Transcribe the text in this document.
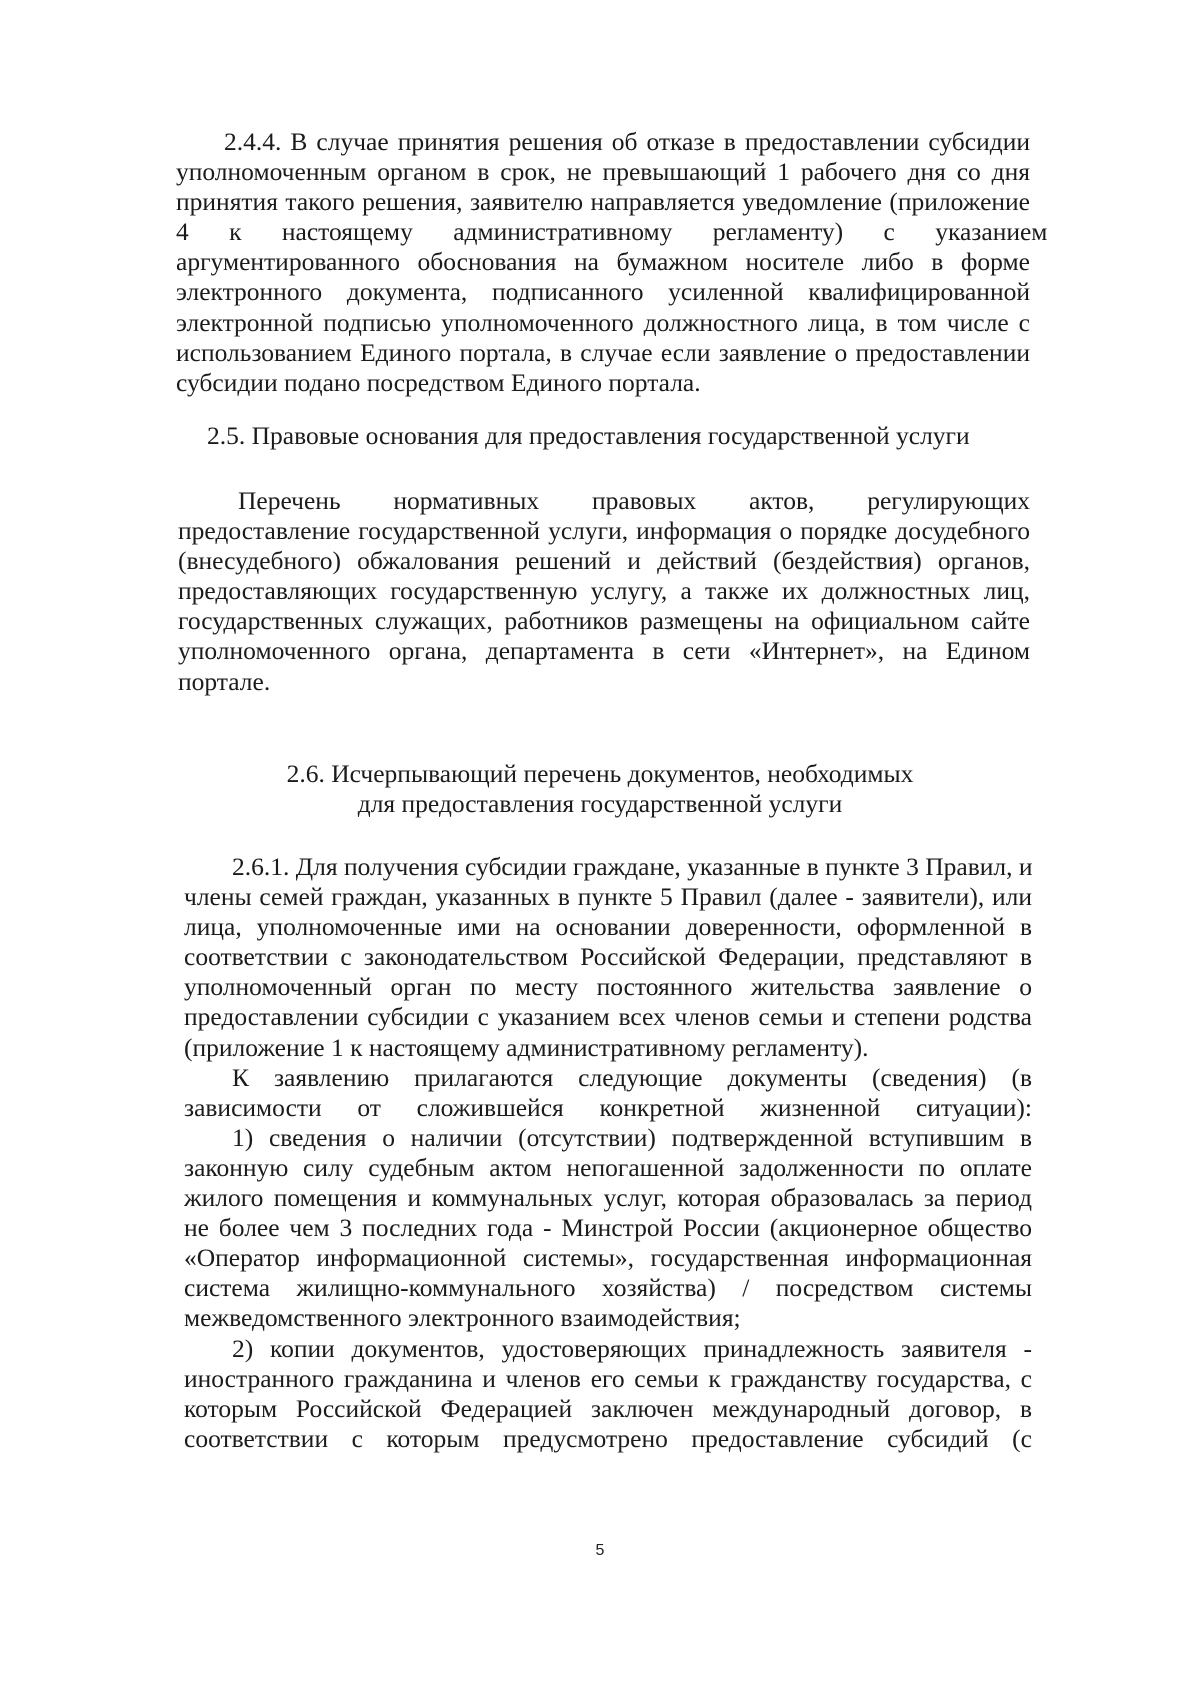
2.4.4. В случае принятия решения об отказе в предоставлении субсидии
уполномоченным органом в срок, не превышающий 1 рабочего дня со дня
принятия такого решения, заявителю направляется уведомление (приложение
4 к настоящему административному регламенту) с указанием
аргументированного обоснования на бумажном носителе либо в форме
электронного документа, подписанного усиленной квалифицированной
электронной подписью уполномоченного должностного лица, в том числе с
использованием Единого портала, в случае если заявление о предоставлении
субсидии подано посредством Единого портала.
2.5. Правовые основания для предоставления государственной услуги
Перечень нормативных правовых актов, регулирующих
предоставление государственной услуги, информация о порядке досудебного
(внесудебного) обжалования решений и действий (бездействия) органов,
предоставляющих государственную услугу, а также их должностных лиц,
государственных служащих, работников размещены на официальном сайте
уполномоченного органа, департамента в сети «Интернет», на Едином
портале.
2.6. Исчерпывающий перечень документов, необходимых
для предоставления государственной услуги
2.6.1. Для получения субсидии граждане, указанные в пункте 3 Правил, и
члены семей граждан, указанных в пункте 5 Правил (далее - заявители), или
лица, уполномоченные ими на основании доверенности, оформленной в
соответствии с законодательством Российской Федерации, представляют в
уполномоченный орган по месту постоянного жительства заявление о
предоставлении субсидии с указанием всех членов семьи и степени родства
(приложение 1 к настоящему административному регламенту).
К заявлению прилагаются следующие документы (сведения) (в
зависимости от сложившейся конкретной жизненной ситуации):
1) сведения о наличии (отсутствии) подтвержденной вступившим в
законную силу судебным актом непогашенной задолженности по оплате
жилого помещения и коммунальных услуг, которая образовалась за период
не более чем 3 последних года - Минстрой России (акционерное общество
«Оператор информационной системы», государственная информационная
система жилищно-коммунального хозяйства) / посредством системы
межведомственного электронного взаимодействия;
2) копии документов, удостоверяющих принадлежность заявителя -
иностранного гражданина и членов его семьи к гражданству государства, с
которым Российской Федерацией заключен международный договор, в
соответствии с которым предусмотрено предоставление субсидий (с
5
